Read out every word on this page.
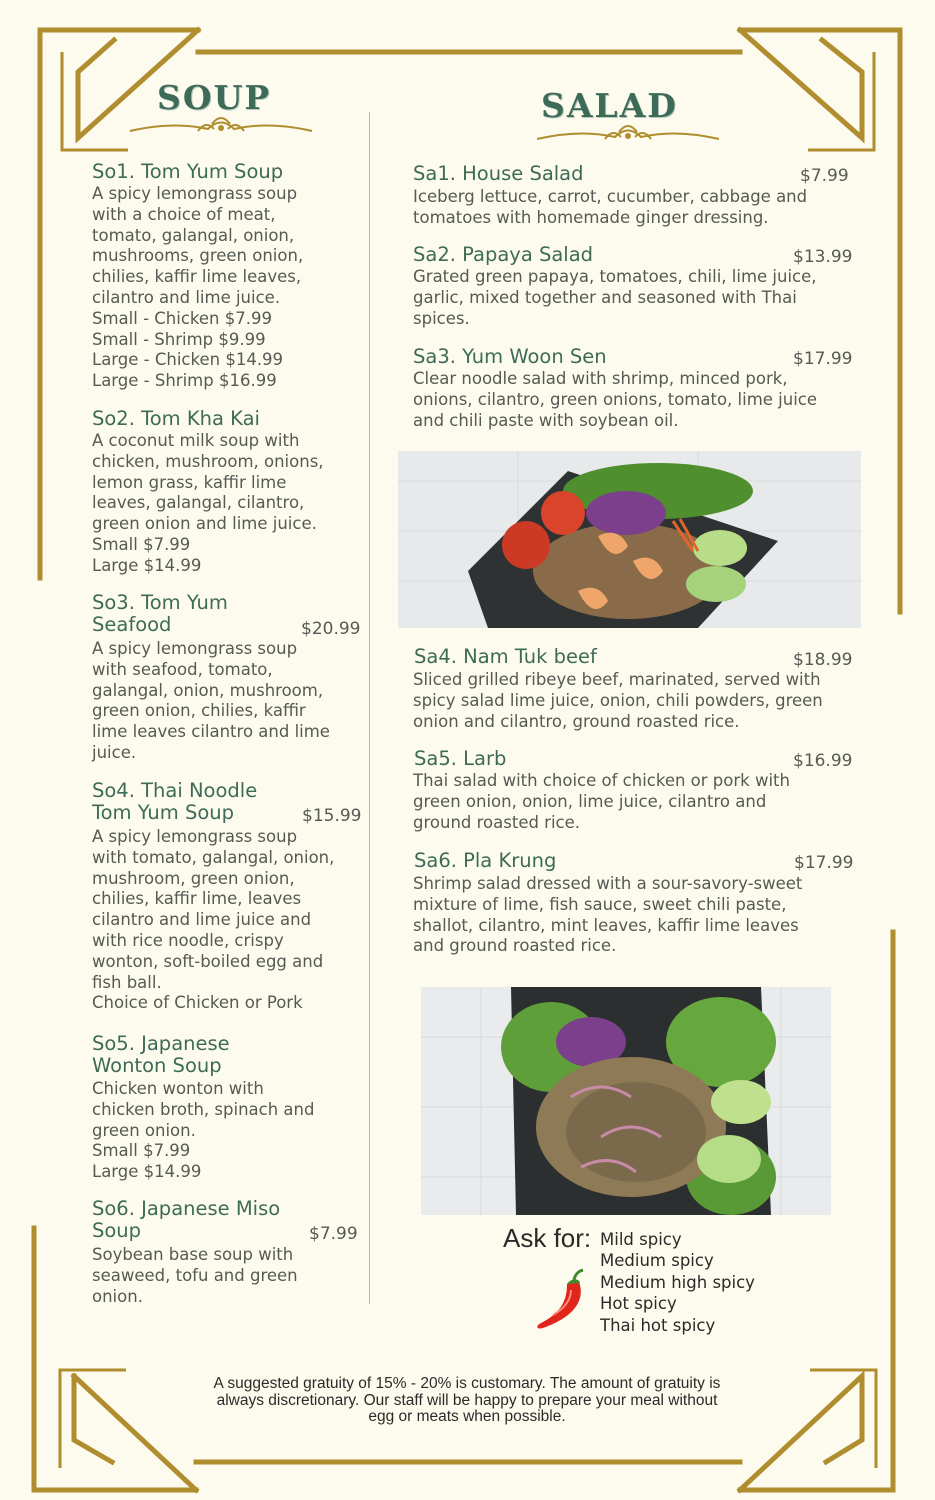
SOUP	SALAD
So1. Tom Yum Soup
A spicy lemongrass soup
with a choice of meat,
tomato, galangal, onion,
mushrooms, green onion,
chilies, kaffir lime leaves,
cilantro and lime juice.
Small - Chicken $7.99
Small - Shrimp $9.99
Large - Chicken $14.99
Large - Shrimp $16.99
So2. Tom Kha Kai
A coconut milk soup with
chicken, mushroom, onions,
lemon grass, kaffir lime
leaves, galangal, cilantro,
green onion and lime juice.
Small $7.99
Large $14.99
So3. Tom Yum
Seafood	$20.99
A spicy lemongrass soup
with seafood, tomato,
galangal, onion, mushroom,
green onion, chilies, kaffir
lime leaves cilantro and lime
juice.
So4. Thai Noodle
Tom Yum Soup	$15.99
A spicy lemongrass soup
with tomato, galangal, onion,
mushroom, green onion,
chilies, kaffir lime, leaves
cilantro and lime juice and
with rice noodle, crispy
wonton, soft-boiled egg and
fish ball.
Choice of Chicken or Pork
So5. Japanese
Wonton Soup
Chicken wonton with
chicken broth, spinach and
green onion.
Small $7.99
Large $14.99
So6. Japanese Miso
Soup	$7.99
Soybean base soup with
seaweed, tofu and green
onion.
Sa1. House Salad	$7.99
Iceberg lettuce, carrot, cucumber, cabbage and
tomatoes with homemade ginger dressing.
Sa2. Papaya Salad	$13.99
Grated green papaya, tomatoes, chili, lime juice,
garlic, mixed together and seasoned with Thai
spices.
Sa3. Yum Woon Sen	$17.99
Clear noodle salad with shrimp, minced pork,
onions, cilantro, green onions, tomato, lime juice
and chili paste with soybean oil.
Sa4. Nam Tuk beef	$18.99
Sliced grilled ribeye beef, marinated, served with
spicy salad lime juice, onion, chili powders, green
onion and cilantro, ground roasted rice.
Sa5. Larb	$16.99
Thai salad with choice of chicken or pork with
green onion, onion, lime juice, cilantro and
ground roasted rice.
Sa6. Pla Krung	$17.99
Shrimp salad dressed with a sour-savory-sweet
mixture of lime, fish sauce, sweet chili paste,
shallot, cilantro, mint leaves, kaffir lime leaves
and ground roasted rice.
Ask for: Mild spicy
Medium spicy
Medium high spicy
Hot spicy
Thai hot spicy
A suggested gratuity of 15% - 20% is customary. The amount of gratuity is
always discretionary. Our staff will be happy to prepare your meal without
egg or meats when possible.
